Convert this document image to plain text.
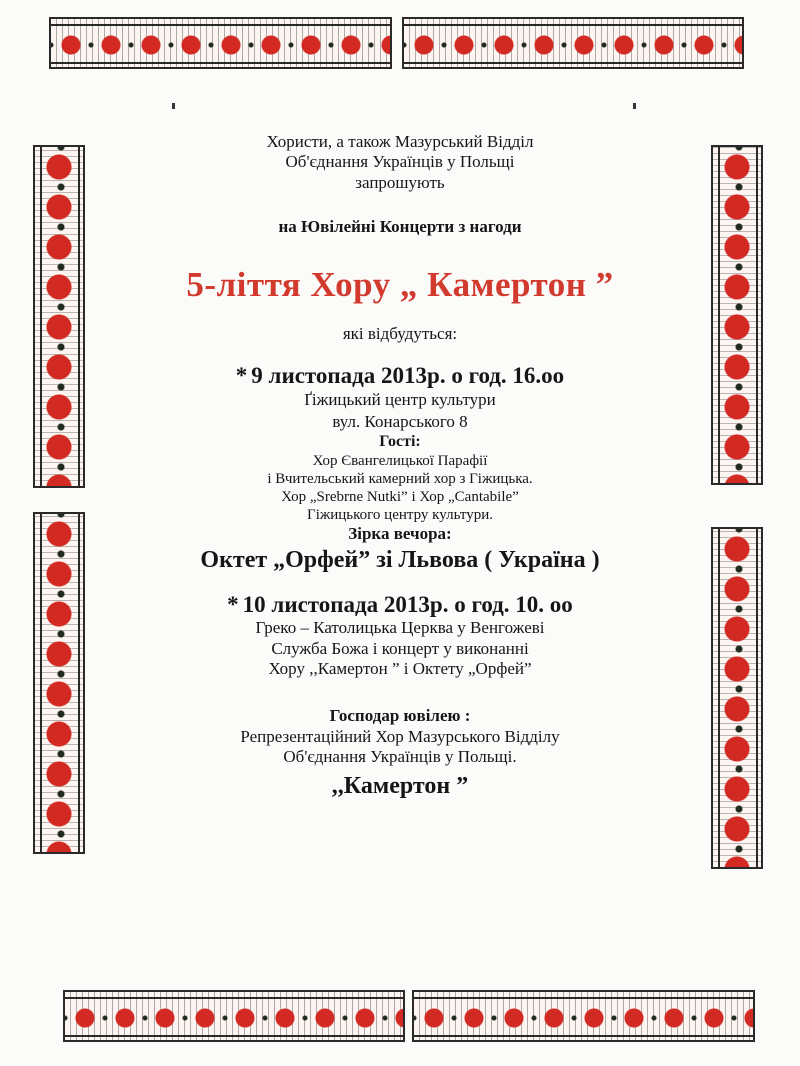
Хористи, а також Мазурський Відділ
Об'єднання Українців у Польщі
запрошують
на Ювілейні Концерти з нагоди
5-ліття Хору „ Камертон ”
які відбудуться:
* 9 листопада 2013р. о год. 16.оо
Ґіжицький центр культури
вул. Конарського 8
Гості:
Хор Євангелицької Парафії
і Вчительський камерний хор з Гіжицька.
Хор „Srebrne Nutki” і Хор „Cantabile”
Гіжицького центру культури.
Зірка вечора:
Октет „Орфей” зі Львова ( Україна )
* 10 листопада 2013р. о год. 10. оо
Греко – Католицька Церква у Венгожеві
Служба Божа і концерт у виконанні
Хору ,,Камертон ” і Октету „Орфей”
Господар ювілею :
Репрезентаційний Хор Мазурського Відділу
Об'єднання Українців у Польщі.
,,Камертон ”
